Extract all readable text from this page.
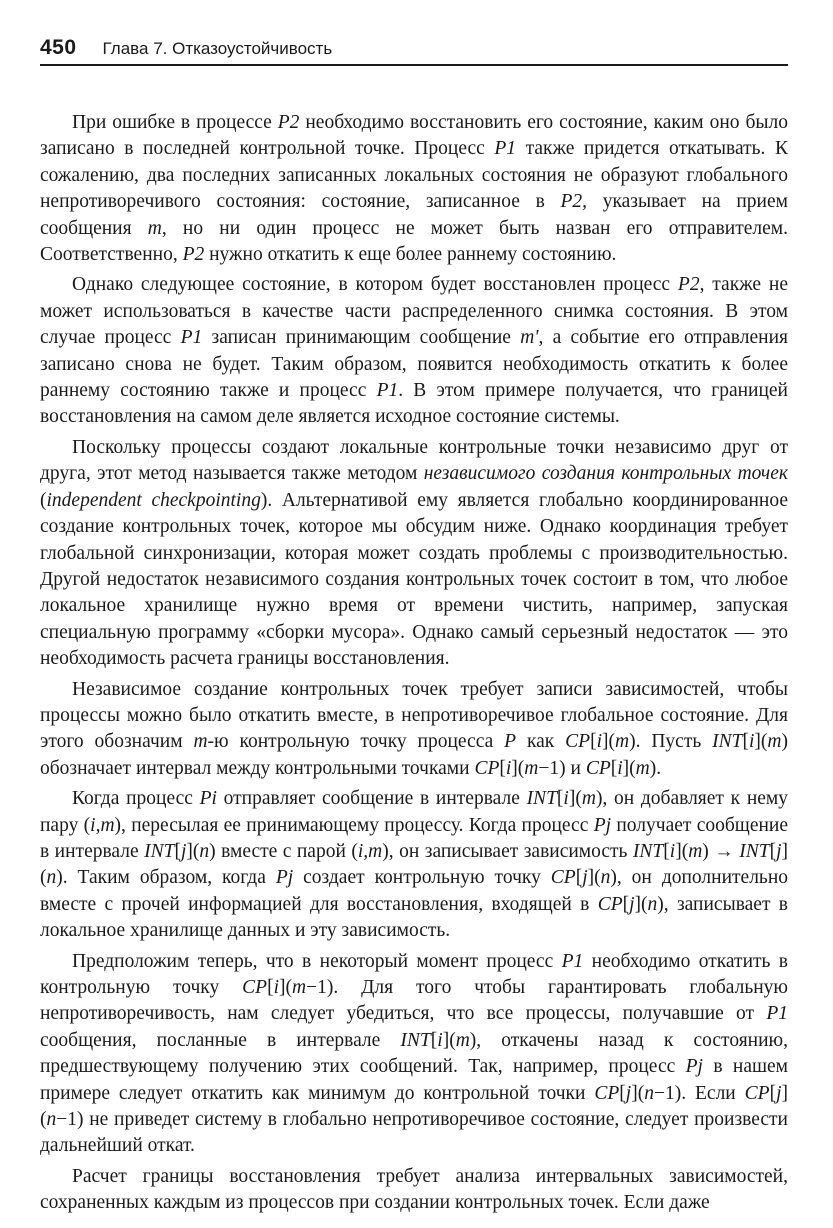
450 Глава 7. Отказоустойчивость

При ошибке в процессе P2 необходимо восстановить его состояние, каким оно было записано в последней контрольной точке. Процесс P1 также придется откатывать. К сожалению, два последних записанных локальных состояния не образуют глобального непротиворечивого состояния: состояние, записанное в P2, указывает на прием сообщения m, но ни один процесс не может быть назван его отправителем. Соответственно, P2 нужно откатить к еще более раннему состоянию.

Однако следующее состояние, в котором будет восстановлен процесс P2, также не может использоваться в качестве части распределенного снимка состояния. В этом случае процесс P1 записан принимающим сообщение m', а событие его отправления записано снова не будет. Таким образом, появится необходимость откатить к более раннему состоянию также и процесс P1. В этом примере получается, что границей восстановления на самом деле является исходное состояние системы.

Поскольку процессы создают локальные контрольные точки независимо друг от друга, этот метод называется также методом независимого создания контрольных точек (independent checkpointing). Альтернативой ему является глобально координированное создание контрольных точек, которое мы обсудим ниже. Однако координация требует глобальной синхронизации, которая может создать проблемы с производительностью. Другой недостаток независимого создания контрольных точек состоит в том, что любое локальное хранилище нужно время от времени чистить, например, запуская специальную программу «сборки мусора». Однако самый серьезный недостаток — это необходимость расчета границы восстановления.

Независимое создание контрольных точек требует записи зависимостей, чтобы процессы можно было откатить вместе, в непротиворечивое глобальное состояние. Для этого обозначим m-ю контрольную точку процесса P как CP[i](m). Пусть INT[i](m) обозначает интервал между контрольными точками CP[i](m−1) и CP[i](m).

Когда процесс Pi отправляет сообщение в интервале INT[i](m), он добавляет к нему пару (i,m), пересылая ее принимающему процессу. Когда процесс Pj получает сообщение в интервале INT[j](n) вместе с парой (i,m), он записывает зависимость INT[i](m) → INT[j](n). Таким образом, когда Pj создает контрольную точку CP[j](n), он дополнительно вместе с прочей информацией для восстановления, входящей в CP[j](n), записывает в локальное хранилище данных и эту зависимость.

Предположим теперь, что в некоторый момент процесс P1 необходимо откатить в контрольную точку CP[i](m−1). Для того чтобы гарантировать глобальную непротиворечивость, нам следует убедиться, что все процессы, получавшие от P1 сообщения, посланные в интервале INT[i](m), откачены назад к состоянию, предшествующему получению этих сообщений. Так, например, процесс Pj в нашем примере следует откатить как минимум до контрольной точки CP[j](n−1). Если CP[j](n−1) не приведет систему в глобально непротиворечивое состояние, следует произвести дальнейший откат.

Расчет границы восстановления требует анализа интервальных зависимостей, сохраненных каждым из процессов при создании контрольных точек. Если даже
